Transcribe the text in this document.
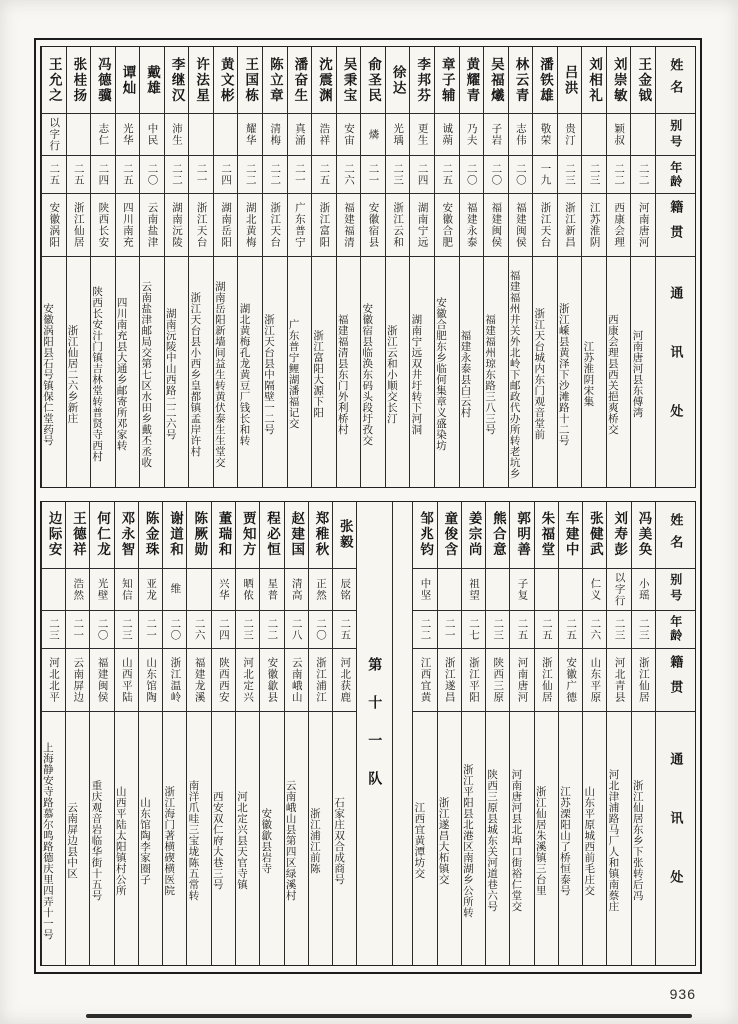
姓名
别号
年龄
籍贯
通讯处
王金钺
二二
河南唐河
河南唐河县东傅湾
刘崇敏
颖叔
二二
西康会理
西康会理县西关挹爽桥交
刘相礼
二三
江苏淮阴
江苏淮阴宋集
吕洪
贵汀
二三
浙江新昌
浙江嵊县黄泽下沙滩路十二号
潘铁雄
敬荣
一九
浙江天台
浙江天台城内东门观音堂前
林云青
志伟
二〇
福建闽侯
福建福州井关外北岭下邮政代办所转老坑乡
吴福爔
子岩
二〇
福建闽侯
福建福州琼东路三八三号
黄耀青
乃夫
二〇
福建永泰
福建永泰县白云村
章子辅
诚蒴
二五
安徽合肥
安徽合肥东乡临何集章义盛染坊
李邦芬
更生
二四
湖南宁远
湖南宁远双井圩转下河洞
徐达
光瑀
二三
浙江云和
浙江云和小顺交长汀
俞圣民
燐
二一
安徽宿县
安徽宿县临涣东码头段圩孜交
吴秉宝
安宙
二六
福建福清
福建福清县东门外利桥村
沈震渊
浩祥
二五
浙江富阳
浙江富阳大源下阳
潘奋生
真涌
二一
广东普宁
广东普宁鲤湖潘福记交
陈立章
清梅
二二
浙江天台
浙江天台县中隔壁一二号
王国栋
耀华
二二
湖北黄梅
湖北黄梅孔龙黄豆厂钱长和转
黄文彬
二四
湖南岳阳
湖南岳阳新墙间益生转黄伏泰生生堂交
许法星
二一
浙江天台
浙江天台县小西乡皇都镇孟岸许村
李继汉
沛生
二二
湖南沅陵
湖南沅陵中山西路二二六号
戴雄
中民
二〇
云南盐津
云南盐津邮局交第七区水田乡戴丕丞收
谭灿
光华
二五
四川南充
四川南充县大通乡邮寄所邓家转
冯德骥
志仁
二四
陕西长安
陕西长安汁门镇吉林堂转普贤寺西村
张桂扬
二五
浙江仙居
浙江仙居二六乡新庄
王允之
以字行
二五
安徽涡阳
安徽涡阳县石号镇保仁堂药号
姓名
别号
年龄
籍贯
通讯处
冯美奂
小瑶
二三
浙江仙居
浙江仙居东乡下张转后冯
刘寿彭
以字行
二三
河北青县
河北津浦路马厂人和镇南蔡庄
张健武
仁义
二六
山东平原
山东平原城西前毛庄交
车建中
二五
安徽广德
江苏溧阳山了桥恒泰号
朱福堂
二五
浙江仙居
浙江仙居朱溪镇三台里
郭明善
子复
二五
河南唐河
河南唐河县北埠口街裕仁堂交
熊合意
二三
陕西三原
陕西三原县城东关河道巷六号
姜宗尚
祖望
二七
浙江平阳
浙江平阳县北港区南湖乡公所转
童俊含
二一
浙江遂昌
浙江遂昌大柘镇交
邹兆钧
中坚
二二
江西宜黄
江西宜黄潭坊交
第十一队
张毅
辰铭
二五
河北获鹿
石家庄双合成商号
郑稚秋
正然
二〇
浙江浦江
浙江浦江前陈
赵建国
清高
二八
云南峨山
云南峨山县第四区绿溪村
程必恒
星普
二二
安徽歙县
安徽歙县岩寺
贾知方
晒侬
二三
河北定兴
河北定兴县天官寺镇
董瑞和
兴华
二四
陕西西安
西安双仁府大巷三号
陈厥勋
二六
福建龙溪
南洋爪哇三宝垅陈五常转
谢道和
维
二〇
浙江温岭
浙江海门著横碶横医院
陈金珠
亚龙
二一
山东馆陶
山东馆陶李家圈子
邓永智
知信
二三
山西平陆
山西平陆太阳镇村公所
何仁龙
光壁
二〇
福建闽侯
重庆观音岩临华街十五号
王德祥
浩然
二一
云南屏边
云南屏边县中区
边际安
二三
河北北平
上海静安寺路慕尔鸣路德庆里四弄十一号
936
